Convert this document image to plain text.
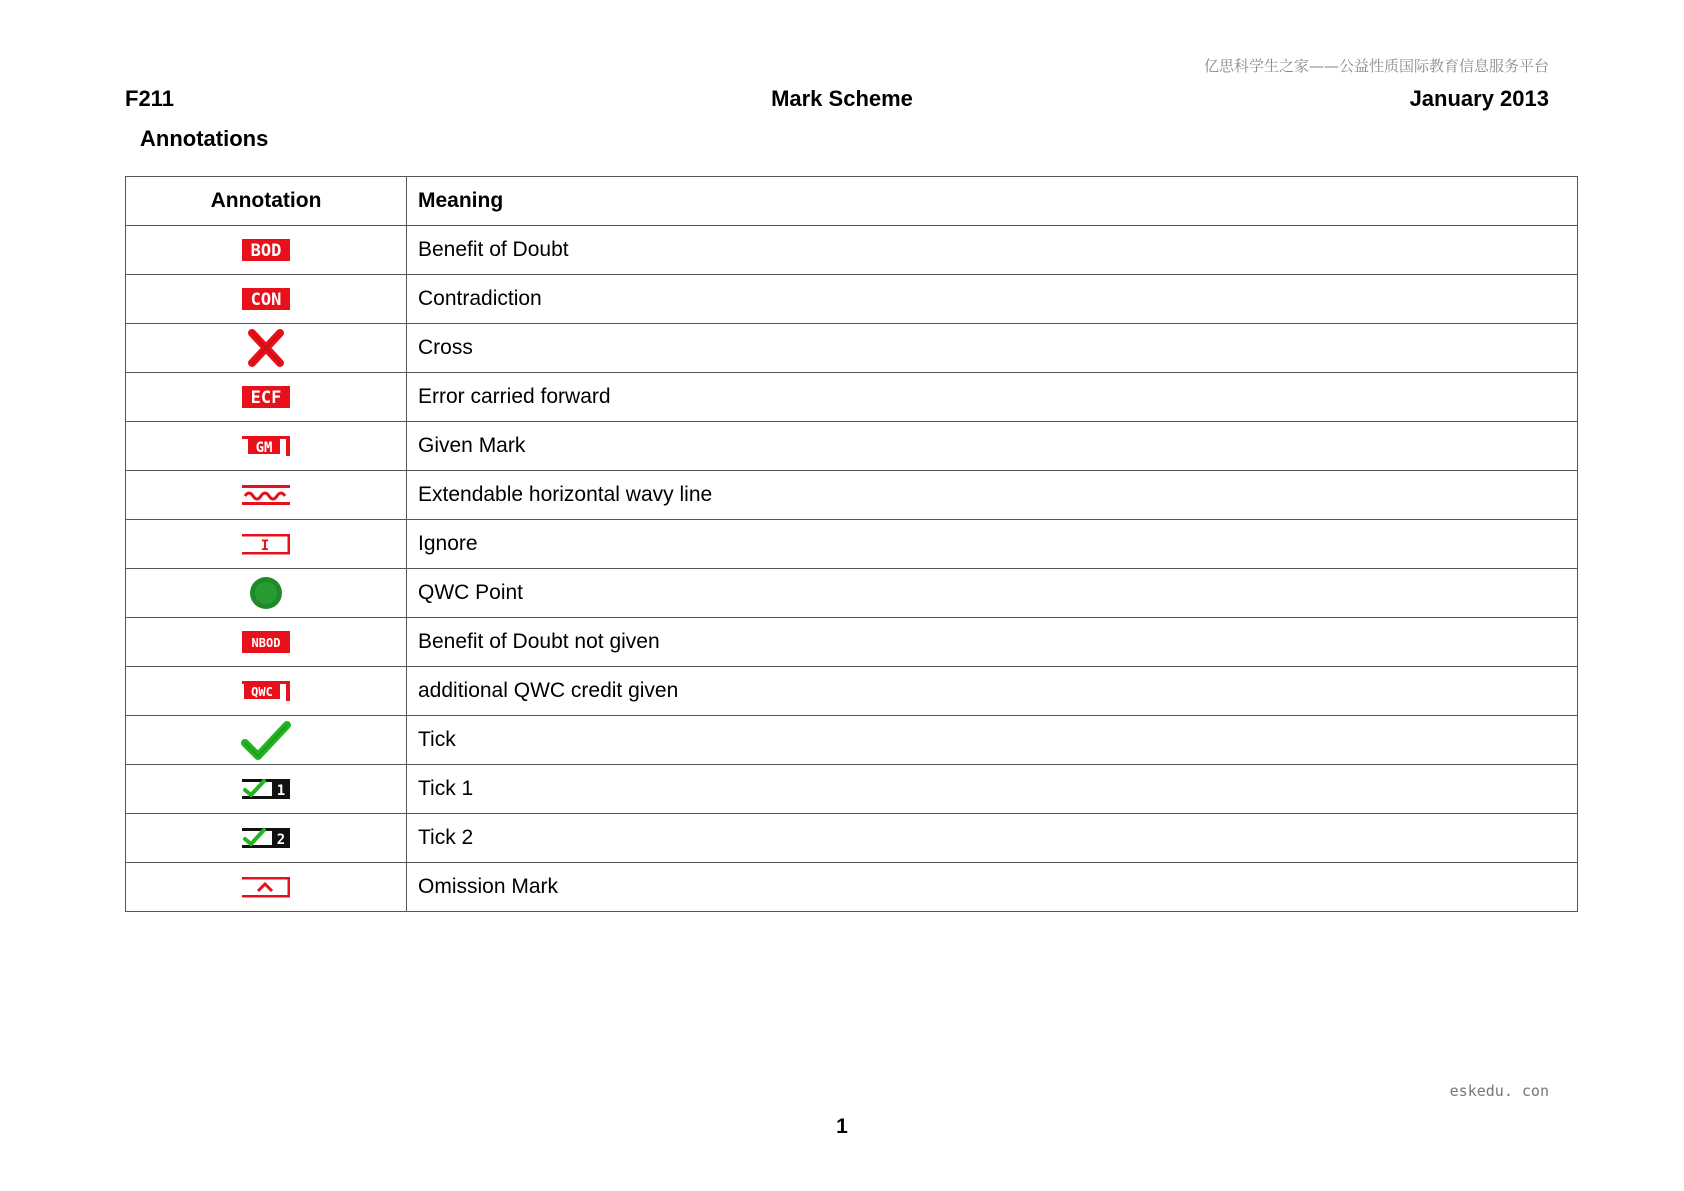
亿思科学生之家——公益性质国际教育信息服务平台
F211	Mark Scheme	January 2013
Annotations
Annotation	Meaning

BOD	Benefit of Doubt

CON	Contradiction
	Cross

ECF	Error carried forward

GM	Given Mark
	Extendable horizontal wavy line

I	Ignore
	QWC Point

NBOD	Benefit of Doubt not given

QWC	additional QWC credit given
	Tick

1	Tick 1

2	Tick 2
	Omission Mark
eskedu. con
1
